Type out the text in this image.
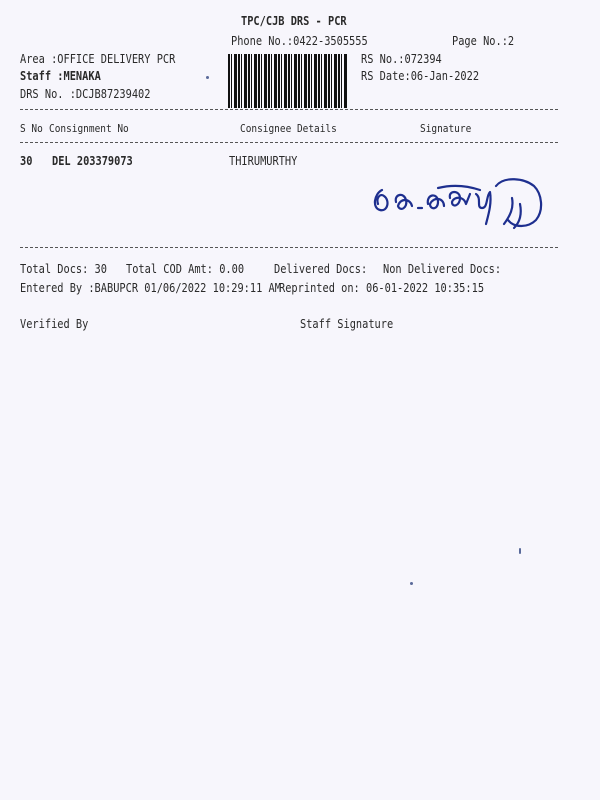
TPC/CJB DRS - PCR
Phone No.:0422-3505555	Page No.:2
Area :OFFICE DELIVERY PCR
Staff :MENAKA
DRS No. :DCJB87239402
RS No.:072394
RS Date:06-Jan-2022
S No Consignment No	Consignee Details	Signature
30 DEL 203379073	THIRUMURTHY
Total Docs: 30 Total COD Amt: 0.00 Delivered Docs: Non Delivered Docs:
Entered By :BABUPCR 01/06/2022 10:29:11 AM
Reprinted on: 06-01-2022 10:35:15
Verified By	Staff Signature
